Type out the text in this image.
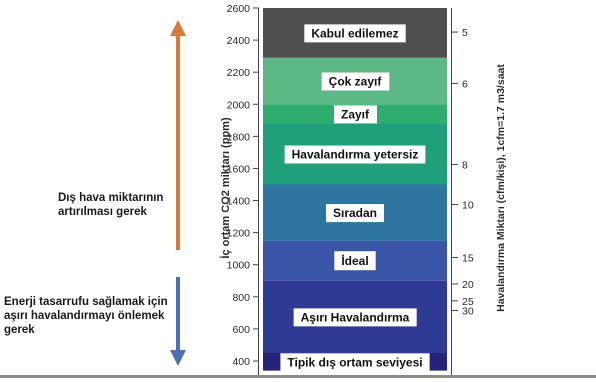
Tipik dış ortam seviyesi
Aşırı Havalandırma
İdeal
Sıradan
Havalandırma yetersiz
Zayıf
Çok zayıf
Kabul edilemez
400
600
800
1000
1200
1400
1600
1800
2000
2200
2400
2600
5
6
8
10
15
20
25
30
İç ortam CO2 miktarı (ppm)	Havalandırma Miktarı (cfm/kişi), 1cfm=1.7 m3/saat
Dış hava miktarının artırılması gerek
Enerji tasarrufu sağlamak için aşırı havalandırmayı önlemek gerek
